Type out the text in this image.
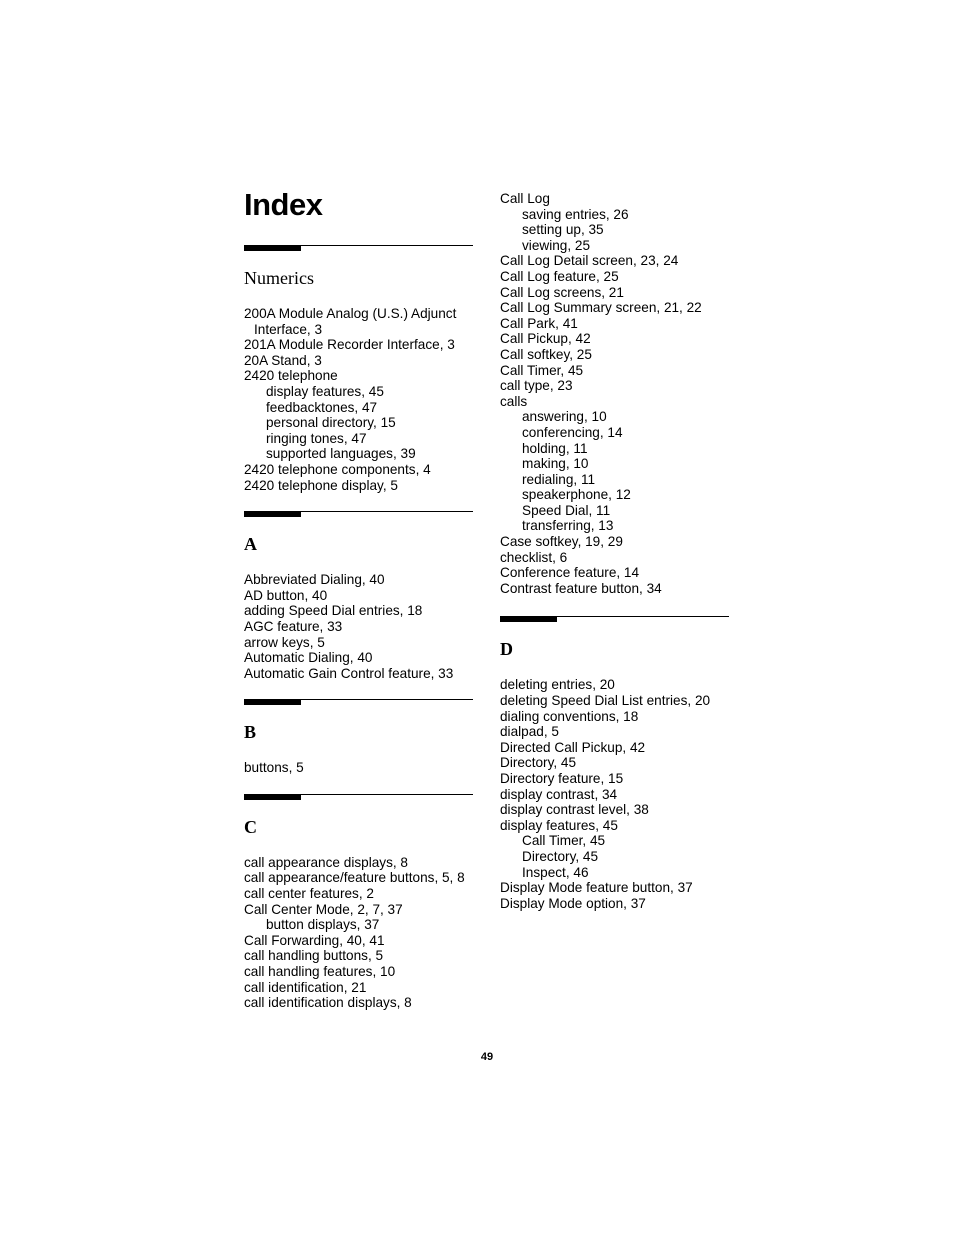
Index
Numerics
200A Module Analog (U.S.) Adjunct Interface, 3
201A Module Recorder Interface, 3
20A Stand, 3
2420 telephone
display features, 45
feedbacktones, 47
personal directory, 15
ringing tones, 47
supported languages, 39
2420 telephone components, 4
2420 telephone display, 5
A
Abbreviated Dialing, 40
AD button, 40
adding Speed Dial entries, 18
AGC feature, 33
arrow keys, 5
Automatic Dialing, 40
Automatic Gain Control feature, 33
B
buttons, 5
C
call appearance displays, 8
call appearance/feature buttons, 5, 8
call center features, 2
Call Center Mode, 2, 7, 37
button displays, 37
Call Forwarding, 40, 41
call handling buttons, 5
call handling features, 10
call identification, 21
call identification displays, 8
Call Log
saving entries, 26
setting up, 35
viewing, 25
Call Log Detail screen, 23, 24
Call Log feature, 25
Call Log screens, 21
Call Log Summary screen, 21, 22
Call Park, 41
Call Pickup, 42
Call softkey, 25
Call Timer, 45
call type, 23
calls
answering, 10
conferencing, 14
holding, 11
making, 10
redialing, 11
speakerphone, 12
Speed Dial, 11
transferring, 13
Case softkey, 19, 29
checklist, 6
Conference feature, 14
Contrast feature button, 34
D
deleting entries, 20
deleting Speed Dial List entries, 20
dialing conventions, 18
dialpad, 5
Directed Call Pickup, 42
Directory, 45
Directory feature, 15
display contrast, 34
display contrast level, 38
display features, 45
Call Timer, 45
Directory, 45
Inspect, 46
Display Mode feature button, 37
Display Mode option, 37
49
